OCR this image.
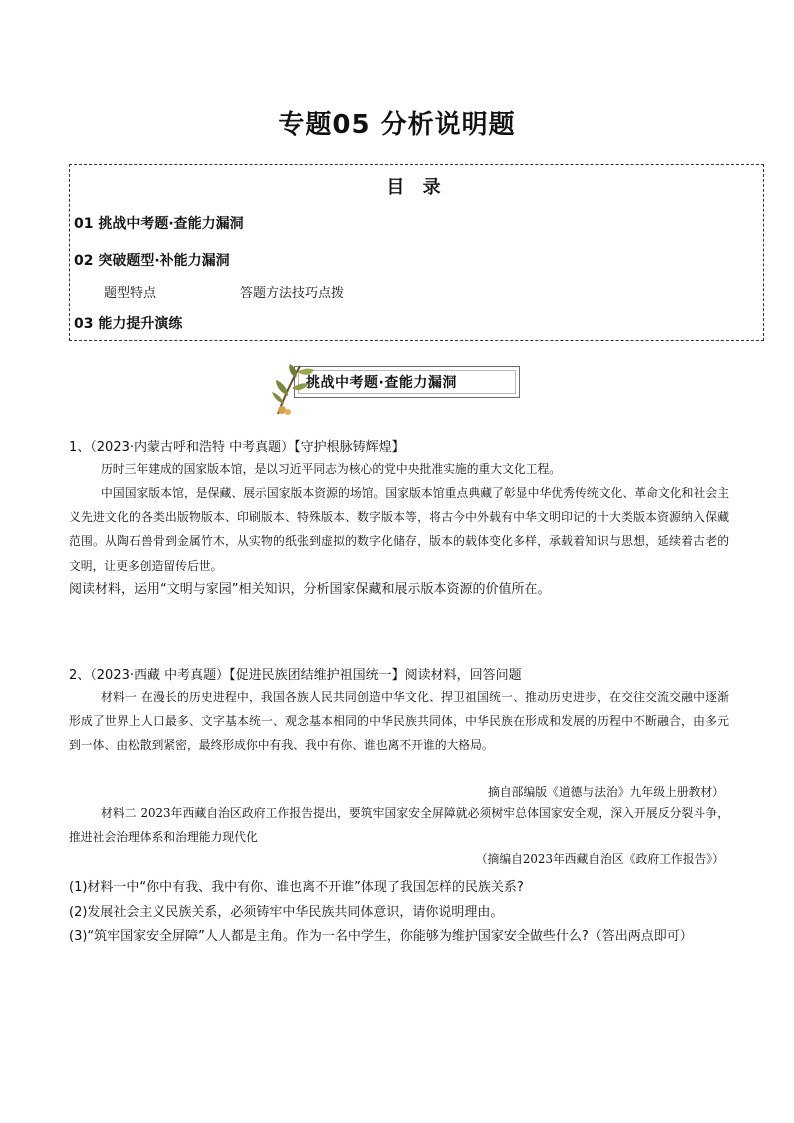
专题05 分析说明题
目 录
01 挑战中考题·查能力漏洞
02 突破题型·补能力漏洞
题型特点	答题方法技巧点拨
03 能力提升演练
挑战中考题·查能力漏洞
1、（2023·内蒙古呼和浩特 中考真题）【守护根脉铸辉煌】
历时三年建成的国家版本馆，是以习近平同志为核心的党中央批准实施的重大文化工程。
中国国家版本馆，是保藏、展示国家版本资源的场馆。国家版本馆重点典藏了彰显中华优秀传统文化、革命文化和社会主义先进文化的各类出版物版本、印刷版本、特殊版本、数字版本等，将古今中外载有中华文明印记的十大类版本资源纳入保藏范围。从陶石兽骨到金属竹木，从实物的纸张到虚拟的数字化储存，版本的载体变化多样，承载着知识与思想，延续着古老的文明，让更多创造留传后世。
阅读材料，运用“文明与家园”相关知识，分析国家保藏和展示版本资源的价值所在。
2、（2023·西藏 中考真题）【促进民族团结维护祖国统一】阅读材料，回答问题
材料一 在漫长的历史进程中，我国各族人民共同创造中华文化、捍卫祖国统一、推动历史进步，在交往交流交融中逐渐形成了世界上人口最多、文字基本统一、观念基本相同的中华民族共同体，中华民族在形成和发展的历程中不断融合，由多元到一体、由松散到紧密，最终形成你中有我、我中有你、谁也离不开谁的大格局。
摘自部编版《道德与法治》九年级上册教材）
材料二 2023年西藏自治区政府工作报告提出，要筑牢国家安全屏障就必须树牢总体国家安全观，深入开展反分裂斗争，推进社会治理体系和治理能力现代化
（摘编自2023年西藏自治区《政府工作报告》）
(1)材料一中“你中有我、我中有你、谁也离不开谁”体现了我国怎样的民族关系?
(2)发展社会主义民族关系，必须铸牢中华民族共同体意识，请你说明理由。
(3)“筑牢国家安全屏障”人人都是主角。作为一名中学生，你能够为维护国家安全做些什么?（答出两点即可）
